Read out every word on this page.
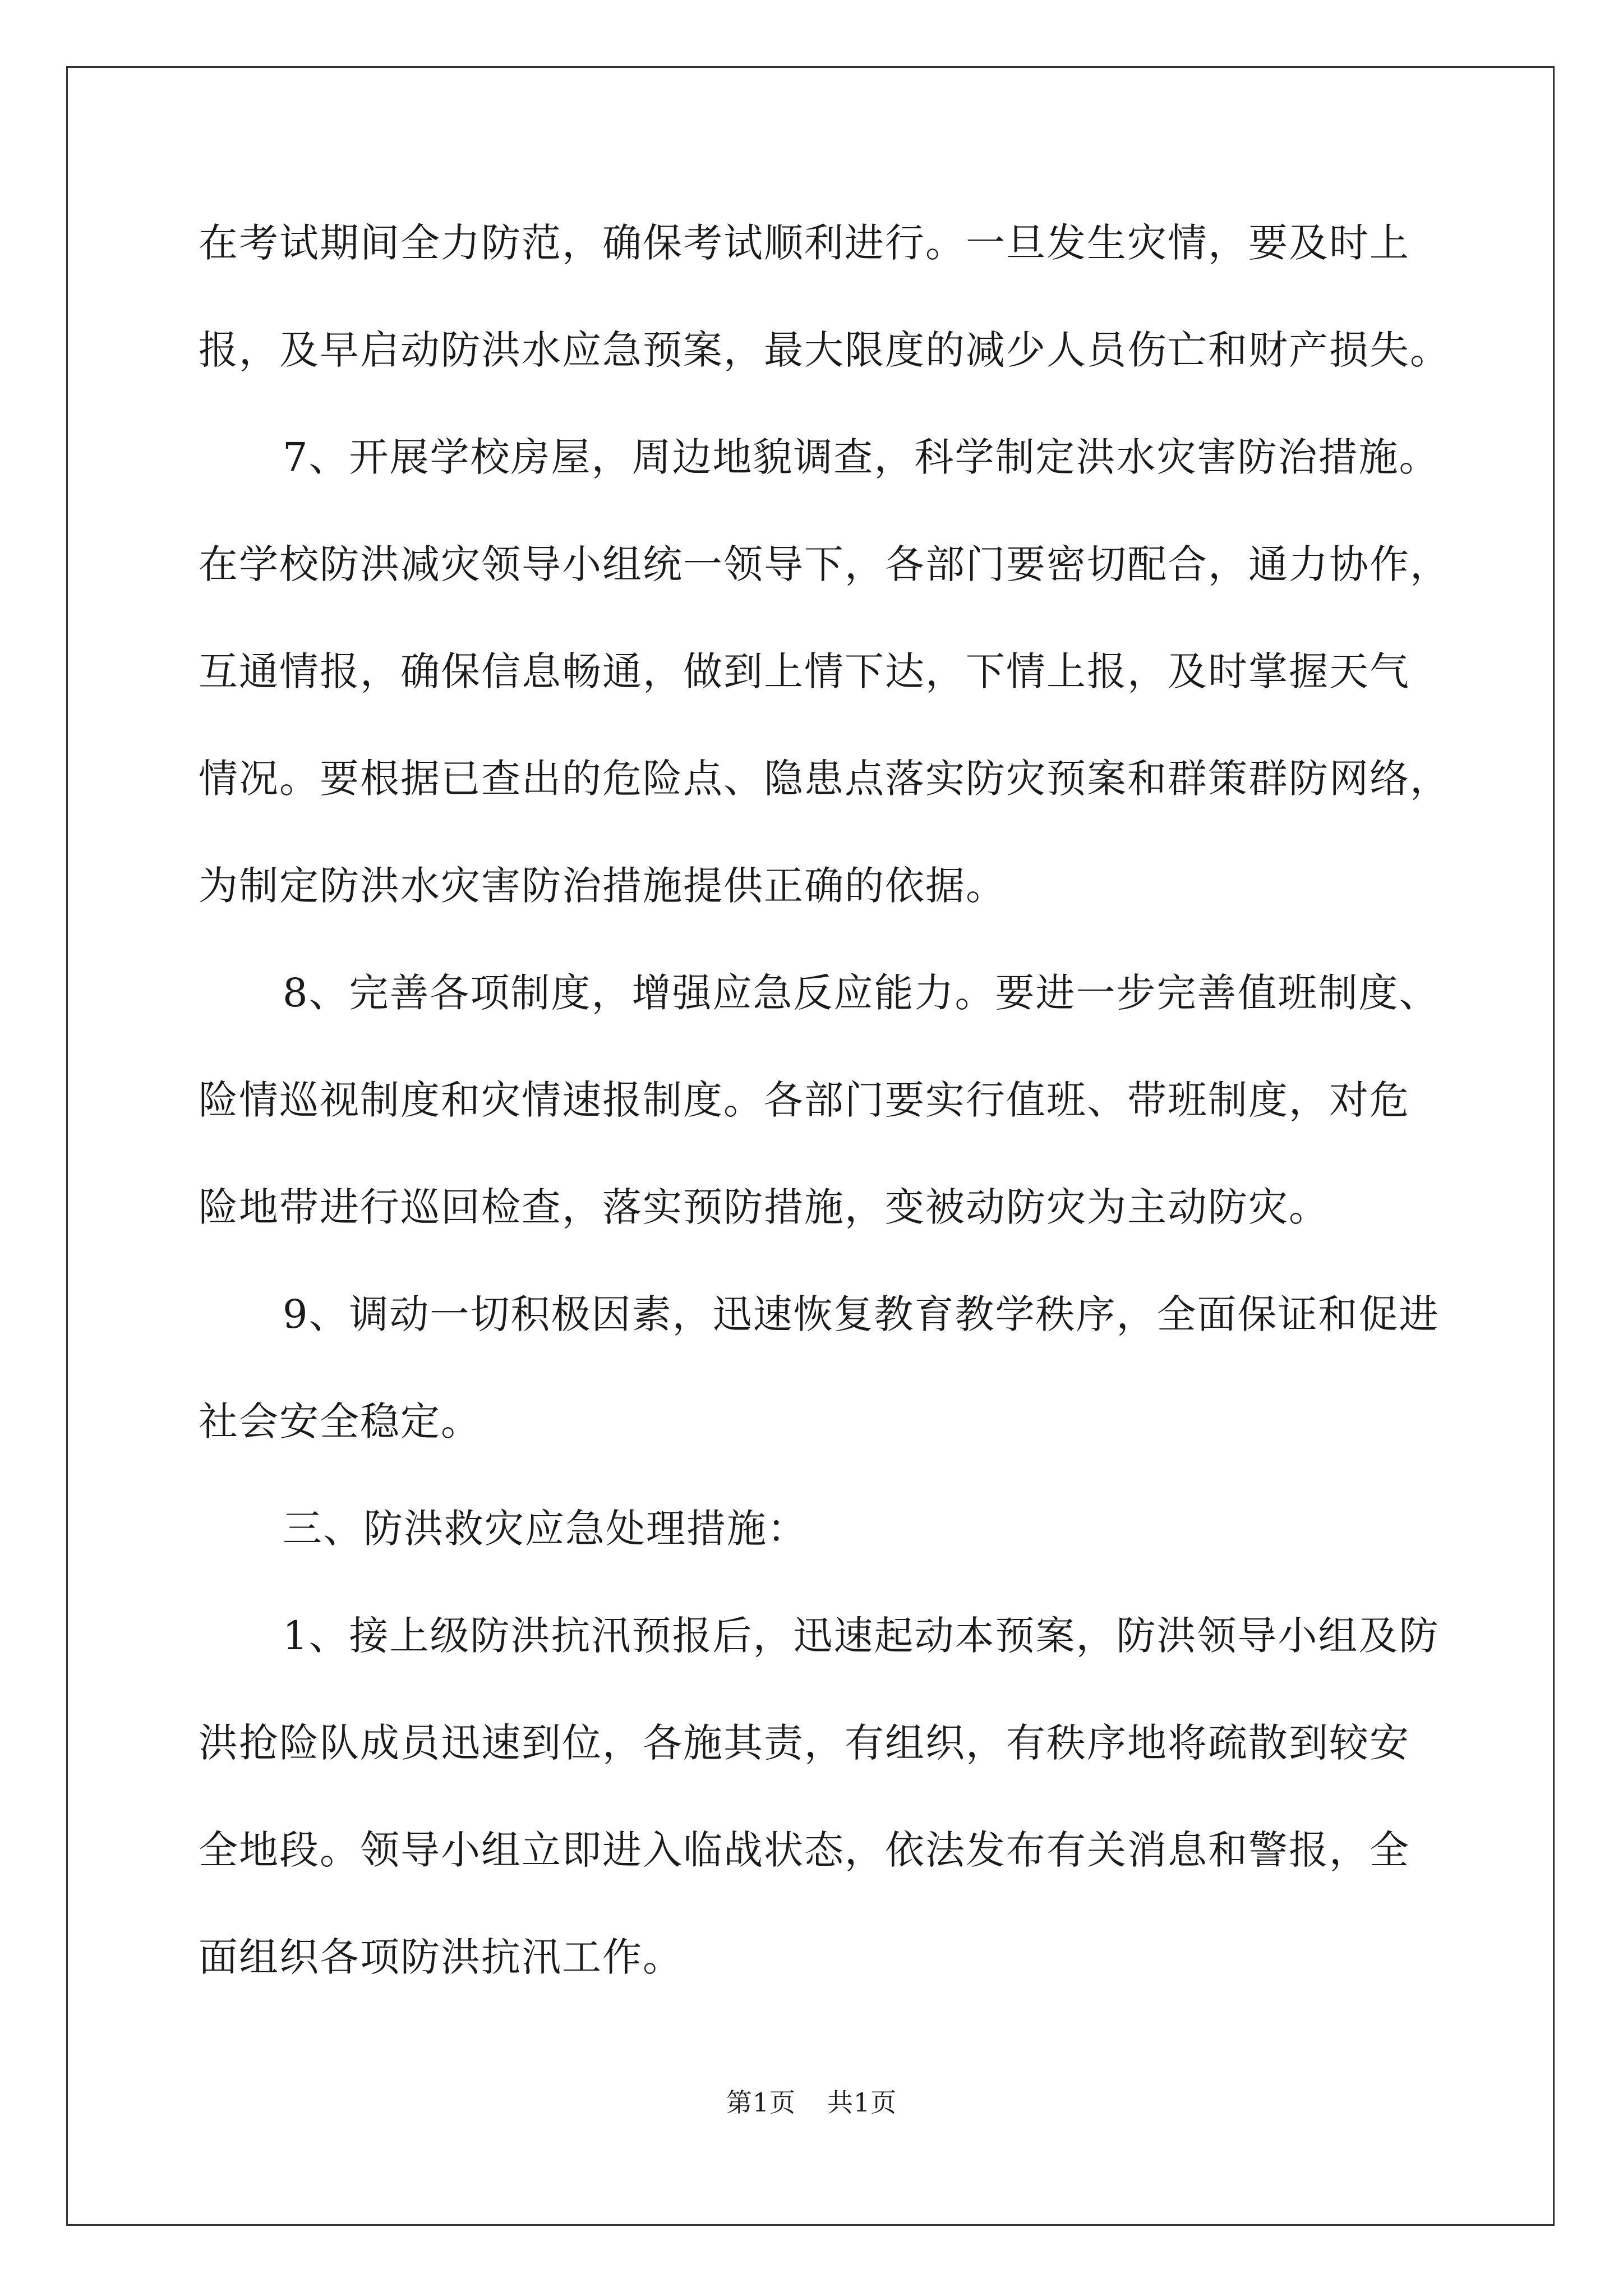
在考试期间全力防范，确保考试顺利进行。一旦发生灾情，要及时上
报，及早启动防洪水应急预案，最大限度的减少人员伤亡和财产损失。
7、开展学校房屋，周边地貌调查，科学制定洪水灾害防治措施。
在学校防洪减灾领导小组统一领导下，各部门要密切配合，通力协作，
互通情报，确保信息畅通，做到上情下达，下情上报，及时掌握天气
情况。要根据已查出的危险点、隐患点落实防灾预案和群策群防网络，
为制定防洪水灾害防治措施提供正确的依据。
8、完善各项制度，增强应急反应能力。要进一步完善值班制度、
险情巡视制度和灾情速报制度。各部门要实行值班、带班制度，对危
险地带进行巡回检查，落实预防措施，变被动防灾为主动防灾。
9、调动一切积极因素，迅速恢复教育教学秩序，全面保证和促进
社会安全稳定。
三、防洪救灾应急处理措施：
1、接上级防洪抗汛预报后，迅速起动本预案，防洪领导小组及防
洪抢险队成员迅速到位，各施其责，有组织，有秩序地将疏散到较安
全地段。领导小组立即进入临战状态，依法发布有关消息和警报，全
面组织各项防洪抗汛工作。
第1页 共1页
